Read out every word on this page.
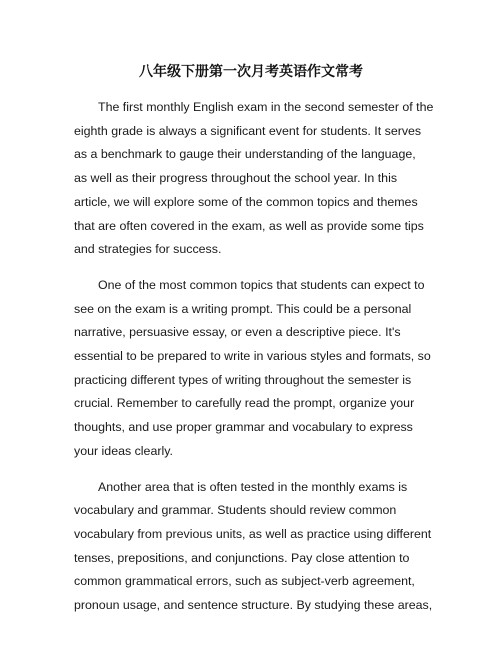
八年级下册第一次月考英语作文常考

The first monthly English exam in the second semester of the
eighth grade is always a significant event for students. It serves
as a benchmark to gauge their understanding of the language,
as well as their progress throughout the school year. In this
article, we will explore some of the common topics and themes
that are often covered in the exam, as well as provide some tips
and strategies for success.

One of the most common topics that students can expect to
see on the exam is a writing prompt. This could be a personal
narrative, persuasive essay, or even a descriptive piece. It's
essential to be prepared to write in various styles and formats, so
practicing different types of writing throughout the semester is
crucial. Remember to carefully read the prompt, organize your
thoughts, and use proper grammar and vocabulary to express
your ideas clearly.

Another area that is often tested in the monthly exams is
vocabulary and grammar. Students should review common
vocabulary from previous units, as well as practice using different
tenses, prepositions, and conjunctions. Pay close attention to
common grammatical errors, such as subject-verb agreement,
pronoun usage, and sentence structure. By studying these areas,
